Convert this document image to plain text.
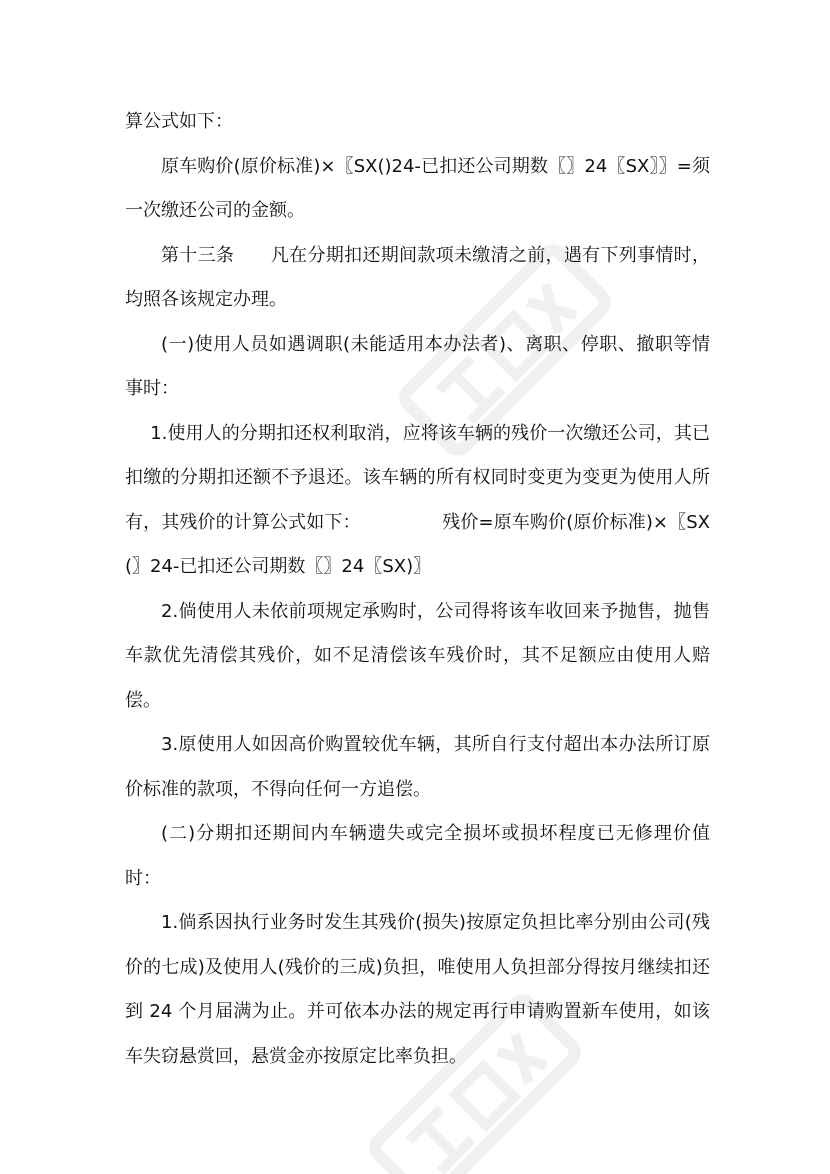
算公式如下：

原车购价(原价标准)×〖SX()24-已扣还公司期数〖〗24〖SX〗〗=须一次缴还公司的金额。

第十三条　　凡在分期扣还期间款项未缴清之前，遇有下列事情时，均照各该规定办理。

(一)使用人员如遇调职(未能适用本办法者)、离职、停职、撤职等情事时：

1.使用人的分期扣还权利取消，应将该车辆的残价一次缴还公司，其已扣缴的分期扣还额不予退还。该车辆的所有权同时变更为变更为使用人所有，其残价的计算公式如下：　　　　　残价=原车购价(原价标准)×〖SX(〗24-已扣还公司期数〖〗24〖SX)〗

2.倘使用人未依前项规定承购时，公司得将该车收回来予抛售，抛售车款优先清偿其残价，如不足清偿该车残价时，其不足额应由使用人赔偿。

3.原使用人如因高价购置较优车辆，其所自行支付超出本办法所订原价标准的款项，不得向任何一方追偿。

(二)分期扣还期间内车辆遗失或完全损坏或损坏程度已无修理价值时：

1.倘系因执行业务时发生其残价(损失)按原定负担比率分别由公司(残价的七成)及使用人(残价的三成)负担，唯使用人负担部分得按月继续扣还到 24 个月届满为止。并可依本办法的规定再行申请购置新车使用，如该车失窃悬赏回，悬赏金亦按原定比率负担。
